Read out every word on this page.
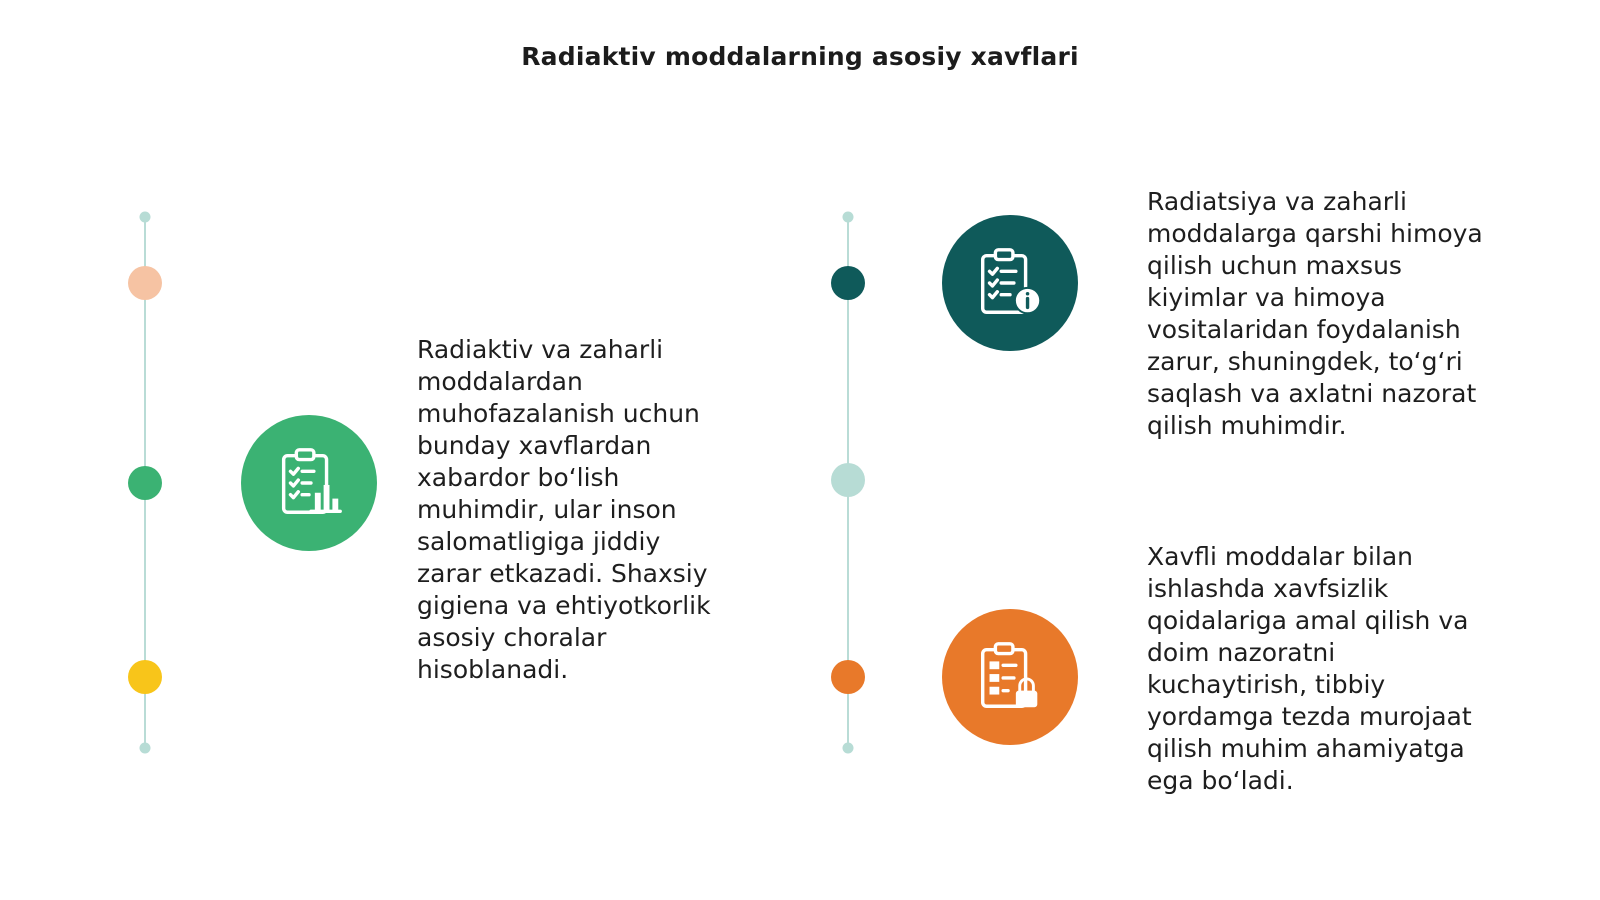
Radiaktiv moddalarning asosiy xavflari
Radiaktiv va zaharli
moddalardan
muhofazalanish uchun
bunday xavflardan
xabardor bo‘lish
muhimdir, ular inson
salomatligiga jiddiy
zarar etkazadi. Shaxsiy
gigiena va ehtiyotkorlik
asosiy choralar
hisoblanadi.
Radiatsiya va zaharli
moddalarga qarshi himoya
qilish uchun maxsus
kiyimlar va himoya
vositalaridan foydalanish
zarur, shuningdek, to‘g‘ri
saqlash va axlatni nazorat
qilish muhimdir.
Xavfli moddalar bilan
ishlashda xavfsizlik
qoidalariga amal qilish va
doim nazoratni
kuchaytirish, tibbiy
yordamga tezda murojaat
qilish muhim ahamiyatga
ega bo‘ladi.
